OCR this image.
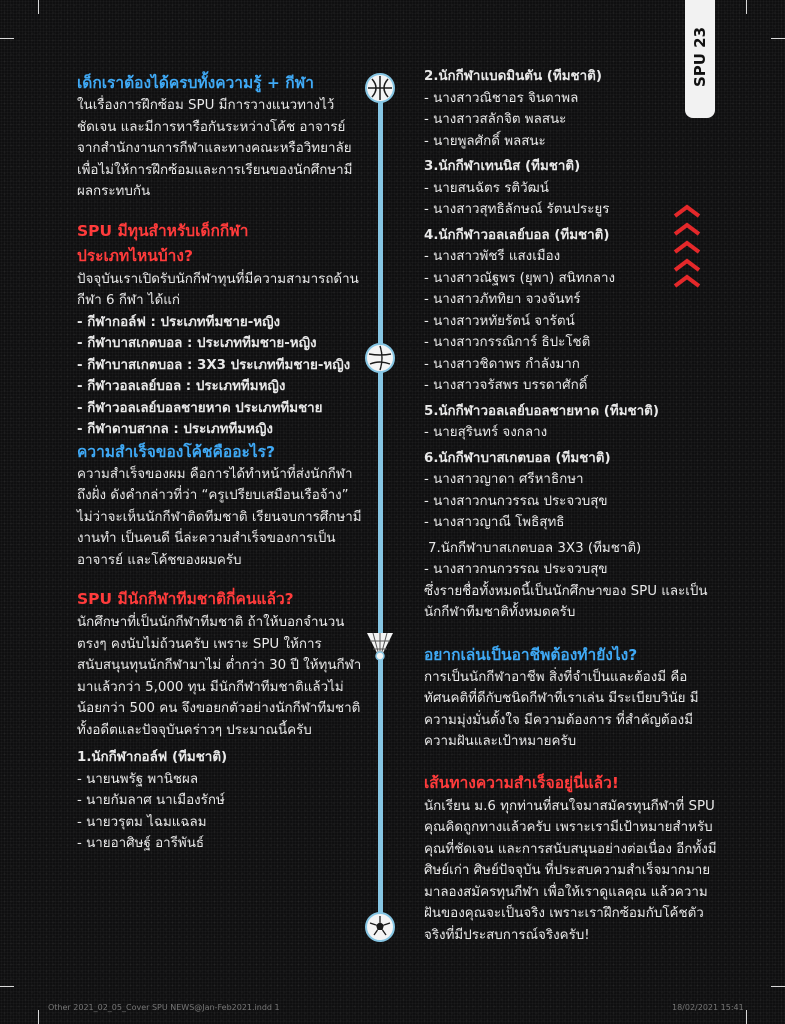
SPU 23
เด็กเราต้องได้ครบทั้งความรู้ + กีฬา

ในเรื่องการฝึกซ้อม SPU มีการวางแนวทางไว้ชัดเจน และมีการหารือกันระหว่างโค้ช อาจารย์จากสำนักงานการกีฬาและทางคณะหรือวิทยาลัย เพื่อไม่ให้การฝึกซ้อมและการเรียนของนักศึกษามีผลกระทบกัน

SPU มีทุนสำหรับเด็กกีฬา
ประเภทไหนบ้าง?

ปัจจุบันเราเปิดรับนักกีฬาทุนที่มีความสามารถด้านกีฬา 6 กีฬา ได้แก่

- กีฬากอล์ฟ : ประเภททีมชาย-หญิง
- กีฬาบาสเกตบอล : ประเภททีมชาย-หญิง
- กีฬาบาสเกตบอล : 3X3 ประเภททีมชาย-หญิง
- กีฬาวอลเลย์บอล : ประเภททีมหญิง
- กีฬาวอลเลย์บอลชายหาด ประเภททีมชาย
- กีฬาดาบสากล : ประเภททีมหญิง
ความสำเร็จของโค้ชคืออะไร?

ความสำเร็จของผม คือการได้ทำหน้าที่ส่งนักกีฬาถึงฝั่ง ดังคำกล่าวที่ว่า “ครูเปรียบเสมือนเรือจ้าง” ไม่ว่าจะเห็นนักกีฬาติดทีมชาติ เรียนจบการศึกษามีงานทำ เป็นคนดี นี่ล่ะความสำเร็จของการเป็นอาจารย์ และโค้ชของผมครับ

SPU มีนักกีฬาทีมชาติกี่คนแล้ว?

นักศึกษาที่เป็นนักกีฬาทีมชาติ ถ้าให้บอกจำนวนตรงๆ คงนับไม่ถ้วนครับ เพราะ SPU ให้การสนับสนุนทุนนักกีฬามาไม่ ต่ำกว่า 30 ปี ให้ทุนกีฬามาแล้วกว่า 5,000 ทุน มีนักกีฬาทีมชาติแล้วไม่น้อยกว่า 500 คน จึงขอยกตัวอย่างนักกีฬาทีมชาติ ทั้งอดีตและปัจจุบันคร่าวๆ ประมาณนี้ครับ

1.นักกีฬากอล์ฟ (ทีมชาติ)

- นายนพรัฐ พานิชผล
- นายกัมลาศ นาเมืองรักษ์
- นายวรุตม ไฉมแฉลม
- นายอาศิษฐ์ อารีพันธ์

2.นักกีฬาแบดมินตัน (ทีมชาติ)

- นางสาวณิชาอร จินดาพล
- นางสาวสลักจิต พลสนะ
- นายพูลศักดิ์ พลสนะ

3.นักกีฬาเทนนิส (ทีมชาติ)

- นายสนฉัตร รติวัฒน์
- นางสาวสุทธิลักษณ์ รัตนประยูร

4.นักกีฬาวอลเลย์บอล (ทีมชาติ)

- นางสาวพัชรี แสงเมือง
- นางสาวณัฐพร (ยุพา) สนิทกลาง
- นางสาวภัททิยา จวงจันทร์
- นางสาวหทัยรัตน์ จารัตน์
- นางสาวกรรณิการ์ ธิปะโชติ
- นางสาวชิดาพร กำลังมาก
- นางสาวจรัสพร บรรดาศักดิ์

5.นักกีฬาวอลเลย์บอลชายหาด (ทีมชาติ)

- นายสุรินทร์ จงกลาง

6.นักกีฬาบาสเกตบอล (ทีมชาติ)

- นางสาวญาดา ศรีหาธิกษา
- นางสาวกนกวรรณ ประจวบสุข
- นางสาวญาณี โพธิสุทธิ

7.นักกีฬาบาสเกตบอล 3X3 (ทีมชาติ)

- นางสาวกนกวรรณ ประจวบสุข

ซึ่งรายชื่อทั้งหมดนี้เป็นนักศึกษาของ SPU และเป็นนักกีฬาทีมชาติทั้งหมดครับ

อยากเล่นเป็นอาชีพต้องทำยังไง?

การเป็นนักกีฬาอาชีพ สิ่งที่จำเป็นและต้องมี คือทัศนคติที่ดีกับชนิดกีฬาที่เราเล่น มีระเบียบวินัย มีความมุ่งมั่นตั้งใจ มีความต้องการ ที่สำคัญต้องมีความฝันและเป้าหมายครับ

เส้นทางความสำเร็จอยู่นี่แล้ว!

นักเรียน ม.6 ทุกท่านที่สนใจมาสมัครทุนกีฬาที่ SPU คุณคิดถูกทางแล้วครับ เพราะเรามีเป้าหมายสำหรับคุณที่ชัดเจน และการสนับสนุนอย่างต่อเนื่อง อีกทั้งมีศิษย์เก่า ศิษย์ปัจจุบัน ที่ประสบความสำเร็จมากมาย มาลองสมัครทุนกีฬา เพื่อให้เราดูแลคุณ แล้วความฝันของคุณจะเป็นจริง เพราะเราฝึกซ้อมกับโค้ชตัวจริงที่มีประสบการณ์จริงครับ!

Other 2021_02_05_Cover SPU NEWS@Jan-Feb2021.indd 1	18/02/2021 15:41
